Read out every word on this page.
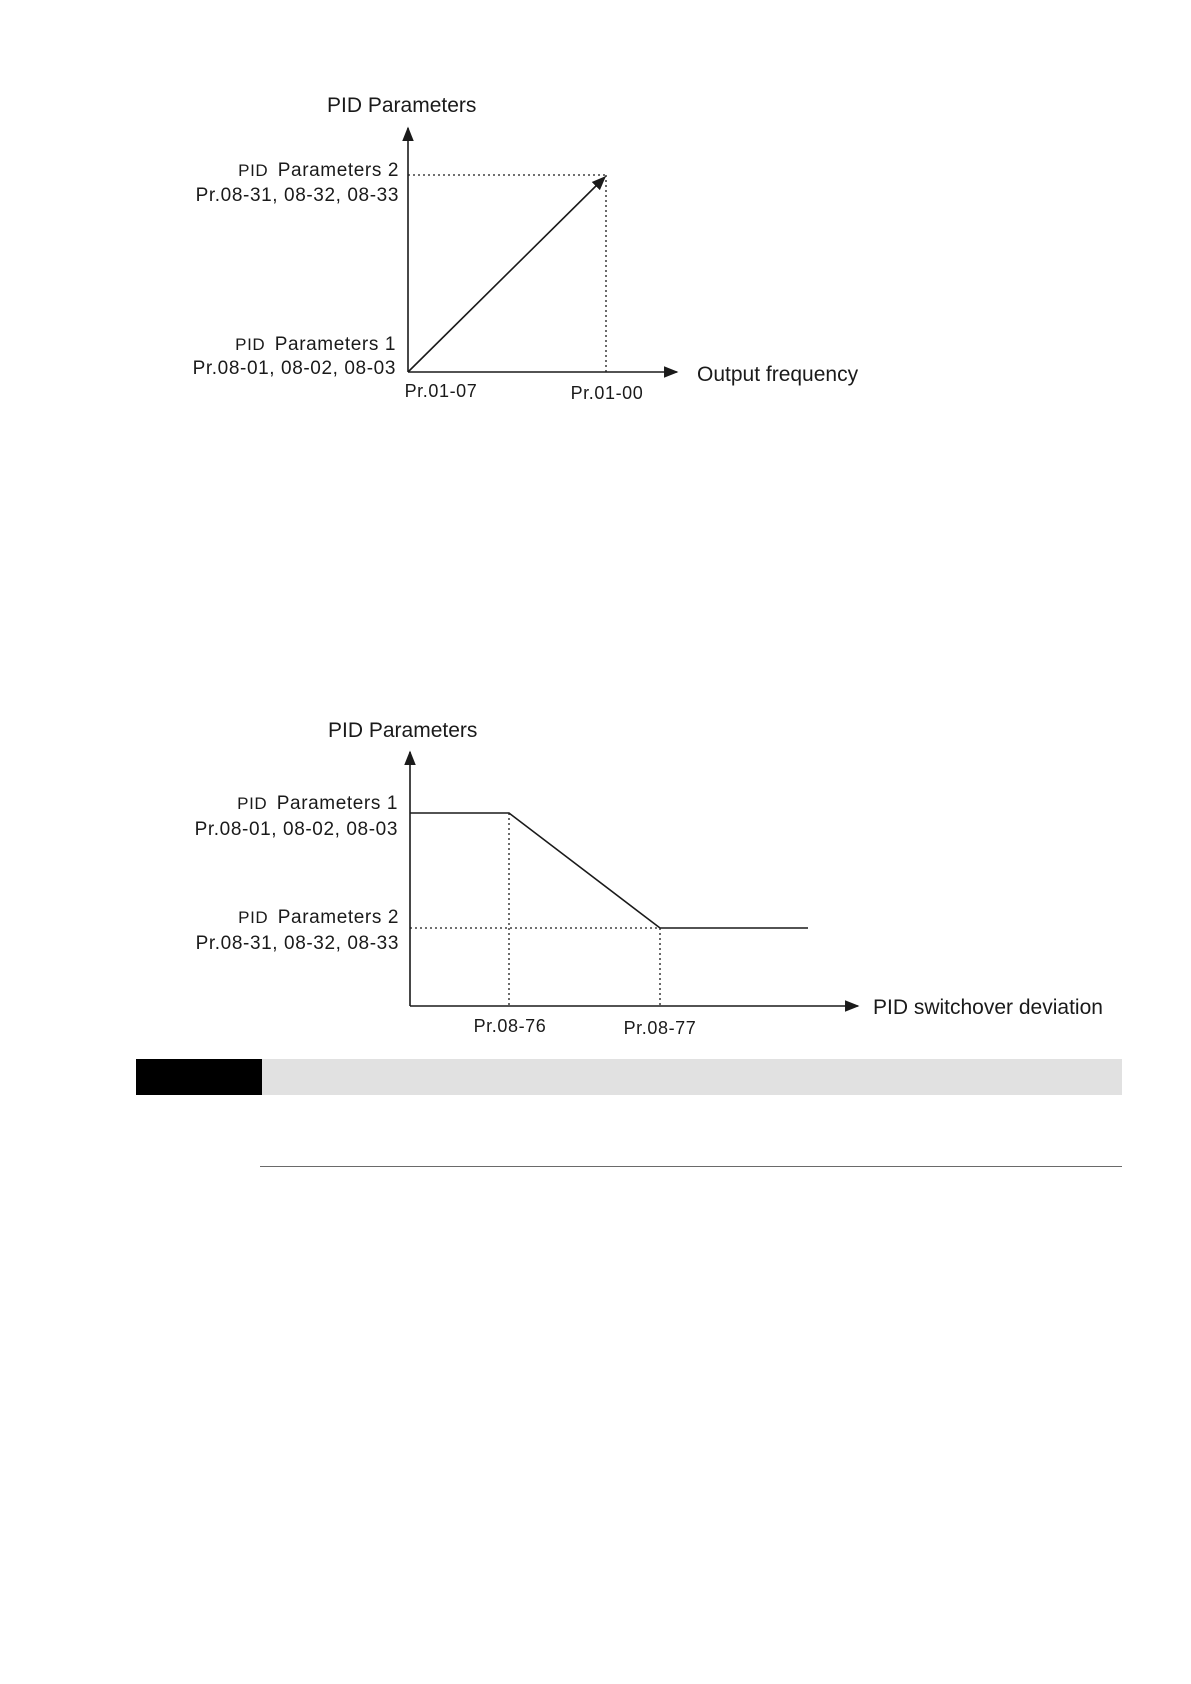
PID Parameters
PID Parameters 2
Pr.08-31, 08-32, 08-33
PID Parameters 1
Pr.08-01, 08-02, 08-03
Pr.01-07	Pr.01-00
Output frequency
PID Parameters
PID Parameters 1
Pr.08-01, 08-02, 08-03
PID Parameters 2
Pr.08-31, 08-32, 08-33
Pr.08-76	Pr.08-77
PID switchover deviation
